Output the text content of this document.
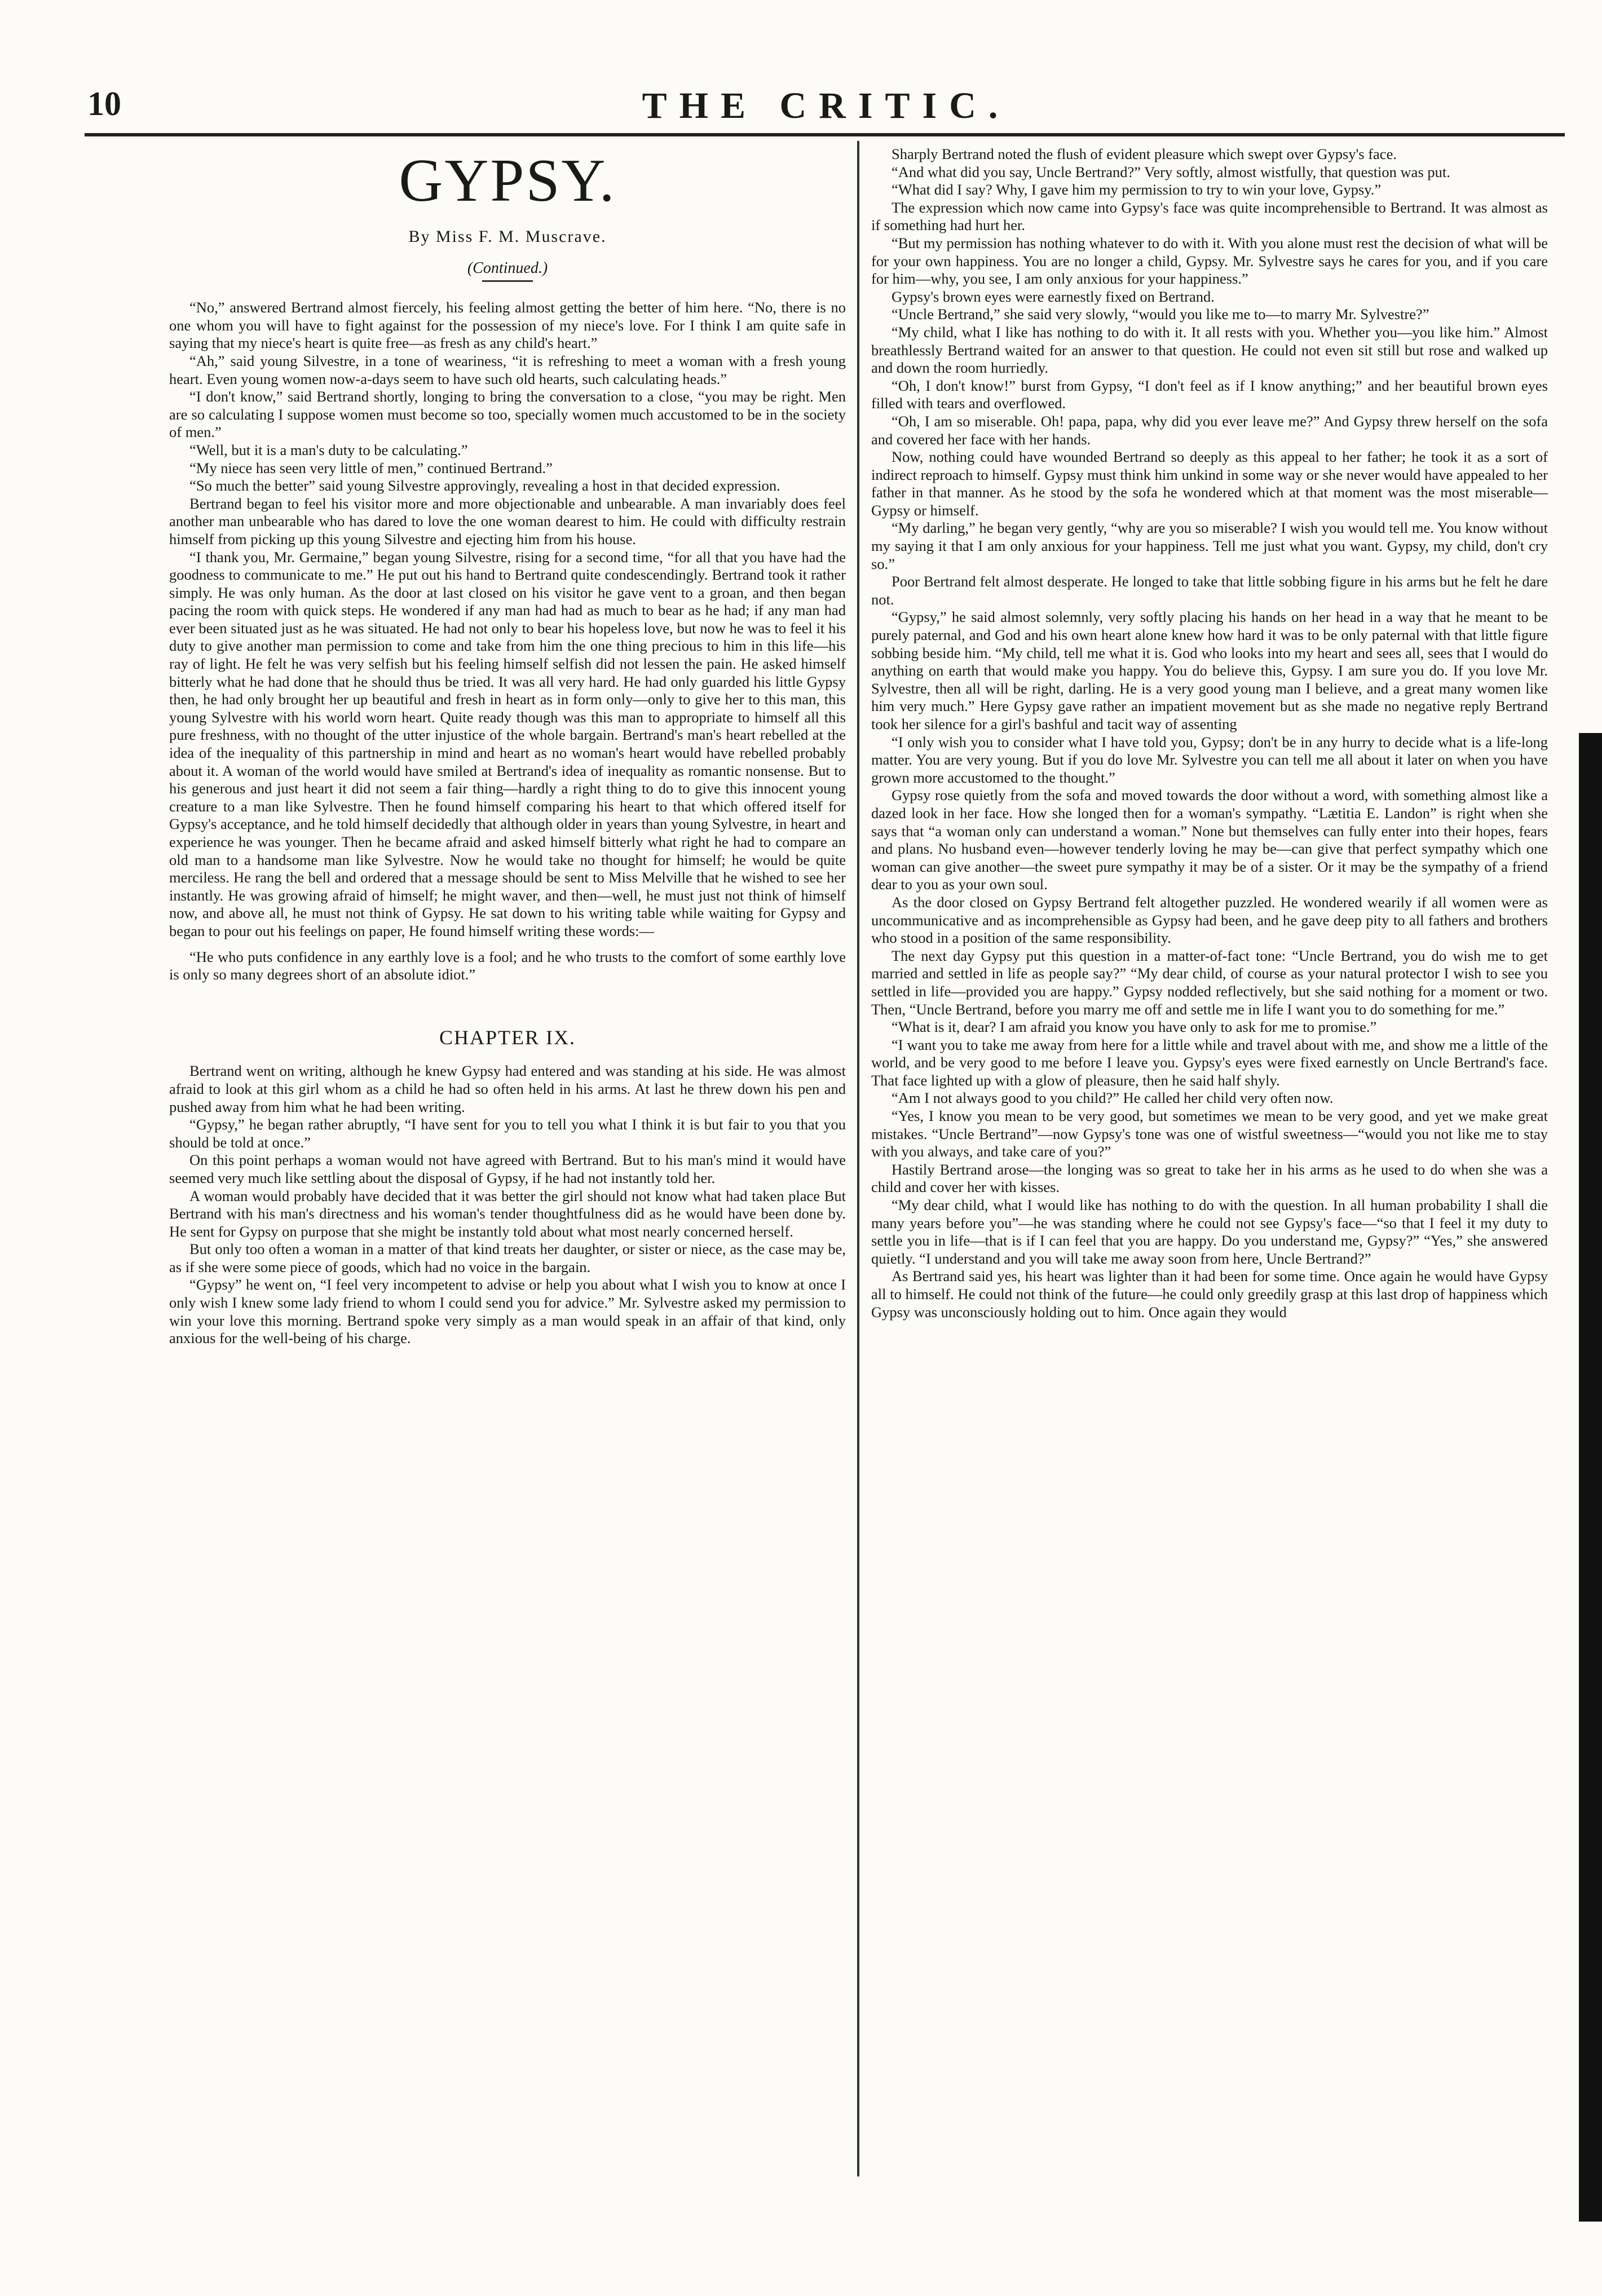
10	THE CRITIC.

GYPSY.

By Miss F. M. Muscrave.

(Continued.)

“No,” answered Bertrand almost fiercely, his feeling almost getting the better of him here. “No, there is no one whom you will have to fight against for the possession of my niece's love. For I think I am quite safe in saying that my niece's heart is quite free—as fresh as any child's heart.”

“Ah,” said young Silvestre, in a tone of weariness, “it is refreshing to meet a woman with a fresh young heart. Even young women now-a-days seem to have such old hearts, such calculating heads.”

“I don't know,” said Bertrand shortly, longing to bring the conversation to a close, “you may be right. Men are so calculating I suppose women must become so too, specially women much accustomed to be in the society of men.”

“Well, but it is a man's duty to be calculating.”

“My niece has seen very little of men,” continued Bertrand.”

“So much the better” said young Silvestre approvingly, revealing a host in that decided expression.

Bertrand began to feel his visitor more and more objectionable and unbearable. A man invariably does feel another man unbearable who has dared to love the one woman dearest to him. He could with difficulty restrain himself from picking up this young Silvestre and ejecting him from his house.

“I thank you, Mr. Germaine,” began young Silvestre, rising for a second time, “for all that you have had the goodness to communicate to me.” He put out his hand to Bertrand quite condescendingly. Bertrand took it rather simply. He was only human. As the door at last closed on his visitor he gave vent to a groan, and then began pacing the room with quick steps. He wondered if any man had had as much to bear as he had; if any man had ever been situated just as he was situated. He had not only to bear his hopeless love, but now he was to feel it his duty to give another man permission to come and take from him the one thing precious to him in this life—his ray of light. He felt he was very selfish but his feeling himself selfish did not lessen the pain. He asked himself bitterly what he had done that he should thus be tried. It was all very hard. He had only guarded his little Gypsy then, he had only brought her up beautiful and fresh in heart as in form only—only to give her to this man, this young Sylvestre with his world worn heart. Quite ready though was this man to appropriate to himself all this pure freshness, with no thought of the utter injustice of the whole bargain. Bertrand's man's heart rebelled at the idea of the inequality of this partnership in mind and heart as no woman's heart would have rebelled probably about it. A woman of the world would have smiled at Bertrand's idea of inequality as romantic nonsense. But to his generous and just heart it did not seem a fair thing—hardly a right thing to do to give this innocent young creature to a man like Sylvestre. Then he found himself comparing his heart to that which offered itself for Gypsy's acceptance, and he told himself decidedly that although older in years than young Sylvestre, in heart and experience he was younger. Then he became afraid and asked himself bitterly what right he had to compare an old man to a handsome man like Sylvestre. Now he would take no thought for himself; he would be quite merciless. He rang the bell and ordered that a message should be sent to Miss Melville that he wished to see her instantly. He was growing afraid of himself; he might waver, and then—well, he must just not think of himself now, and above all, he must not think of Gypsy. He sat down to his writing table while waiting for Gypsy and began to pour out his feelings on paper, He found himself writing these words:—

“He who puts confidence in any earthly love is a fool; and he who trusts to the comfort of some earthly love is only so many degrees short of an absolute idiot.”

CHAPTER IX.

Bertrand went on writing, although he knew Gypsy had entered and was standing at his side. He was almost afraid to look at this girl whom as a child he had so often held in his arms. At last he threw down his pen and pushed away from him what he had been writing.

“Gypsy,” he began rather abruptly, “I have sent for you to tell you what I think it is but fair to you that you should be told at once.”

On this point perhaps a woman would not have agreed with Bertrand. But to his man's mind it would have seemed very much like settling about the disposal of Gypsy, if he had not instantly told her.

A woman would probably have decided that it was better the girl should not know what had taken place But Bertrand with his man's directness and his woman's tender thoughtfulness did as he would have been done by. He sent for Gypsy on purpose that she might be instantly told about what most nearly concerned herself.

But only too often a woman in a matter of that kind treats her daughter, or sister or niece, as the case may be, as if she were some piece of goods, which had no voice in the bargain.

“Gypsy” he went on, “I feel very incompetent to advise or help you about what I wish you to know at once I only wish I knew some lady friend to whom I could send you for advice.” Mr. Sylvestre asked my permission to win your love this morning. Bertrand spoke very simply as a man would speak in an affair of that kind, only anxious for the well-being of his charge.

Sharply Bertrand noted the flush of evident pleasure which swept over Gypsy's face.

“And what did you say, Uncle Bertrand?” Very softly, almost wistfully, that question was put.

“What did I say? Why, I gave him my permission to try to win your love, Gypsy.”

The expression which now came into Gypsy's face was quite incomprehensible to Bertrand. It was almost as if something had hurt her.

“But my permission has nothing whatever to do with it. With you alone must rest the decision of what will be for your own happiness. You are no longer a child, Gypsy. Mr. Sylvestre says he cares for you, and if you care for him—why, you see, I am only anxious for your happiness.”

Gypsy's brown eyes were earnestly fixed on Bertrand.

“Uncle Bertrand,” she said very slowly, “would you like me to—to marry Mr. Sylvestre?”

“My child, what I like has nothing to do with it. It all rests with you. Whether you—you like him.” Almost breathlessly Bertrand waited for an answer to that question. He could not even sit still but rose and walked up and down the room hurriedly.

“Oh, I don't know!” burst from Gypsy, “I don't feel as if I know anything;” and her beautiful brown eyes filled with tears and overflowed.

“Oh, I am so miserable. Oh! papa, papa, why did you ever leave me?” And Gypsy threw herself on the sofa and covered her face with her hands.

Now, nothing could have wounded Bertrand so deeply as this appeal to her father; he took it as a sort of indirect reproach to himself. Gypsy must think him unkind in some way or she never would have appealed to her father in that manner. As he stood by the sofa he wondered which at that moment was the most miserable—Gypsy or himself.

“My darling,” he began very gently, “why are you so miserable? I wish you would tell me. You know without my saying it that I am only anxious for your happiness. Tell me just what you want. Gypsy, my child, don't cry so.”

Poor Bertrand felt almost desperate. He longed to take that little sobbing figure in his arms but he felt he dare not.

“Gypsy,” he said almost solemnly, very softly placing his hands on her head in a way that he meant to be purely paternal, and God and his own heart alone knew how hard it was to be only paternal with that little figure sobbing beside him. “My child, tell me what it is. God who looks into my heart and sees all, sees that I would do anything on earth that would make you happy. You do believe this, Gypsy. I am sure you do. If you love Mr. Sylvestre, then all will be right, darling. He is a very good young man I believe, and a great many women like him very much.” Here Gypsy gave rather an impatient movement but as she made no negative reply Bertrand took her silence for a girl's bashful and tacit way of assenting

“I only wish you to consider what I have told you, Gypsy; don't be in any hurry to decide what is a life-long matter. You are very young. But if you do love Mr. Sylvestre you can tell me all about it later on when you have grown more accustomed to the thought.”

Gypsy rose quietly from the sofa and moved towards the door without a word, with something almost like a dazed look in her face. How she longed then for a woman's sympathy. “Lætitia E. Landon” is right when she says that “a woman only can understand a woman.” None but themselves can fully enter into their hopes, fears and plans. No husband even—however tenderly loving he may be—can give that perfect sympathy which one woman can give another—the sweet pure sympathy it may be of a sister. Or it may be the sympathy of a friend dear to you as your own soul.

As the door closed on Gypsy Bertrand felt altogether puzzled. He wondered wearily if all women were as uncommunicative and as incomprehensible as Gypsy had been, and he gave deep pity to all fathers and brothers who stood in a position of the same responsibility.

The next day Gypsy put this question in a matter-of-fact tone: “Uncle Bertrand, you do wish me to get married and settled in life as people say?” “My dear child, of course as your natural protector I wish to see you settled in life—provided you are happy.” Gypsy nodded reflectively, but she said nothing for a moment or two. Then, “Uncle Bertrand, before you marry me off and settle me in life I want you to do something for me.”

“What is it, dear? I am afraid you know you have only to ask for me to promise.”

“I want you to take me away from here for a little while and travel about with me, and show me a little of the world, and be very good to me before I leave you. Gypsy's eyes were fixed earnestly on Uncle Bertrand's face. That face lighted up with a glow of pleasure, then he said half shyly.

“Am I not always good to you child?” He called her child very often now.

“Yes, I know you mean to be very good, but sometimes we mean to be very good, and yet we make great mistakes. “Uncle Bertrand”—now Gypsy's tone was one of wistful sweetness—“would you not like me to stay with you always, and take care of you?”

Hastily Bertrand arose—the longing was so great to take her in his arms as he used to do when she was a child and cover her with kisses.

“My dear child, what I would like has nothing to do with the question. In all human probability I shall die many years before you”—he was standing where he could not see Gypsy's face—“so that I feel it my duty to settle you in life—that is if I can feel that you are happy. Do you understand me, Gypsy?” “Yes,” she answered quietly. “I understand and you will take me away soon from here, Uncle Bertrand?”

As Bertrand said yes, his heart was lighter than it had been for some time. Once again he would have Gypsy all to himself. He could not think of the future—he could only greedily grasp at this last drop of happiness which Gypsy was unconsciously holding out to him. Once again they would
